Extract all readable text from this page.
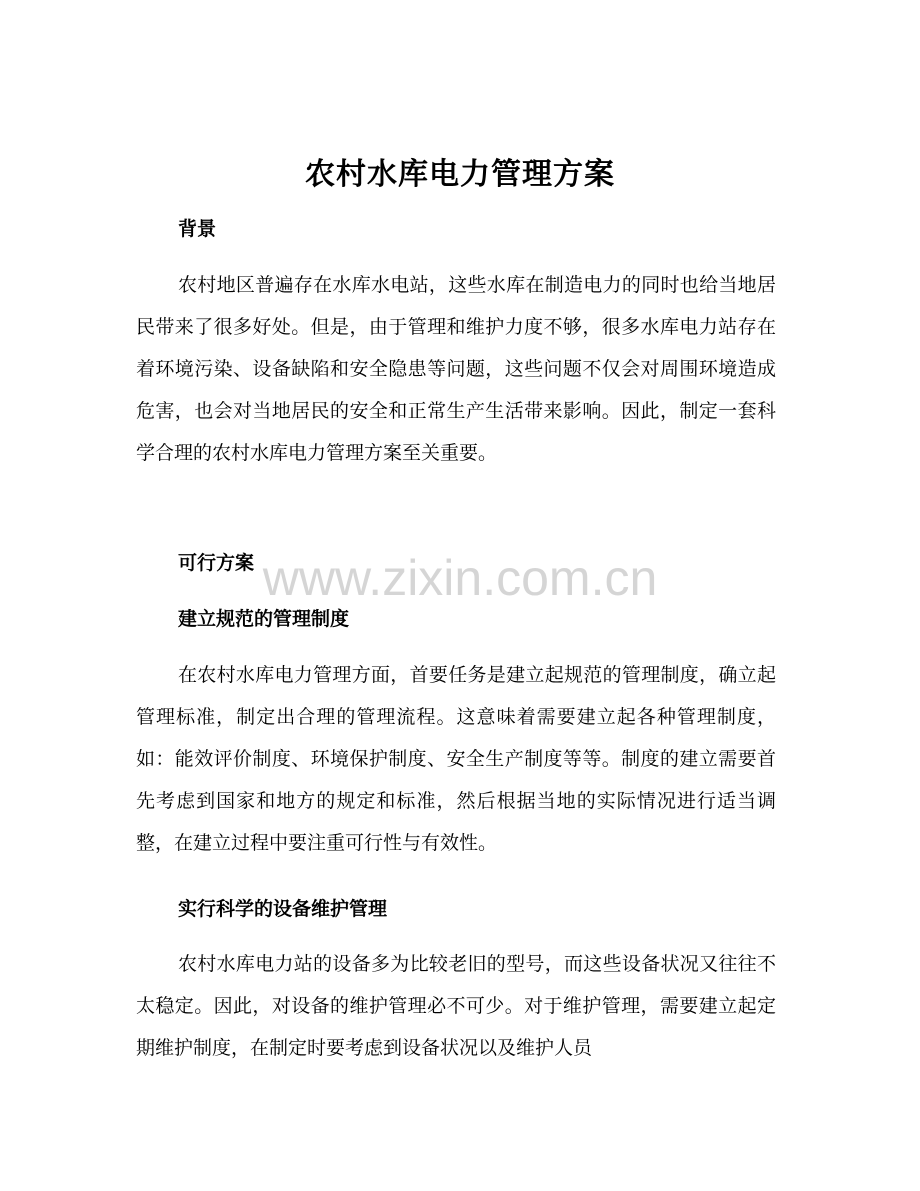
农村水库电力管理方案
背景

农村地区普遍存在水库水电站，这些水库在制造电力的同时也给当地居民带来了很多好处。但是，由于管理和维护力度不够，很多水库电力站存在着环境污染、设备缺陷和安全隐患等问题，这些问题不仅会对周围环境造成危害，也会对当地居民的安全和正常生产生活带来影响。因此，制定一套科学合理的农村水库电力管理方案至关重要。

可行方案
建立规范的管理制度

在农村水库电力管理方面，首要任务是建立起规范的管理制度，确立起管理标准，制定出合理的管理流程。这意味着需要建立起各种管理制度，如：能效评价制度、环境保护制度、安全生产制度等等。制度的建立需要首先考虑到国家和地方的规定和标准，然后根据当地的实际情况进行适当调整，在建立过程中要注重可行性与有效性。

实行科学的设备维护管理

农村水库电力站的设备多为比较老旧的型号，而这些设备状况又往往不太稳定。因此，对设备的维护管理必不可少。对于维护管理，需要建立起定期维护制度，在制定时要考虑到设备状况以及维护人员

www.zixin.com.cn
